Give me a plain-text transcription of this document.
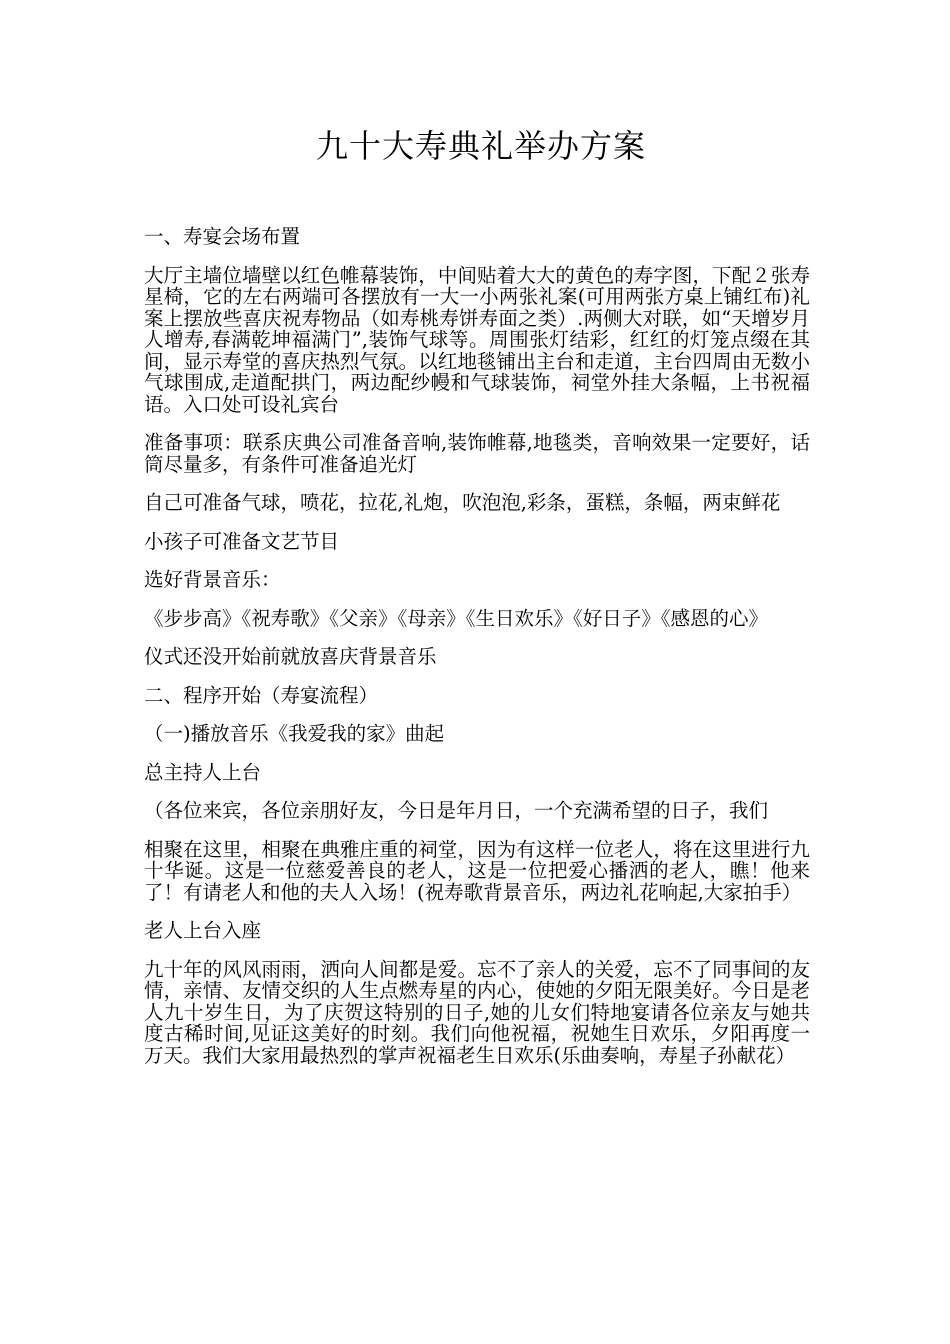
九十大寿典礼举办方案

一、寿宴会场布置

大厅主墙位墙壁以红色帷幕装饰，中间贴着大大的黄色的寿字图，下配２张寿星椅，它的左右两端可各摆放有一大一小两张礼案(可用两张方桌上铺红布)礼案上摆放些喜庆祝寿物品（如寿桃寿饼寿面之类）.两侧大对联，如“天增岁月人增寿,春满乾坤福满门”,装饰气球等。周围张灯结彩，红红的灯笼点缀在其间，显示寿堂的喜庆热烈气氛。以红地毯铺出主台和走道，主台四周由无数小气球围成,走道配拱门，两边配纱幔和气球装饰，祠堂外挂大条幅，上书祝福语。入口处可设礼宾台

准备事项：联系庆典公司准备音响,装饰帷幕,地毯类，音响效果一定要好，话筒尽量多，有条件可准备追光灯

自己可准备气球，喷花，拉花,礼炮，吹泡泡,彩条，蛋糕，条幅，两束鲜花

小孩子可准备文艺节目

选好背景音乐：

《步步高》《祝寿歌》《父亲》《母亲》《生日欢乐》《好日子》《感恩的心》

仪式还没开始前就放喜庆背景音乐

二、程序开始（寿宴流程）

（一)播放音乐《我爱我的家》曲起

总主持人上台

（各位来宾，各位亲朋好友，今日是年月日，一个充满希望的日子，我们

相聚在这里，相聚在典雅庄重的祠堂，因为有这样一位老人，将在这里进行九十华诞。这是一位慈爱善良的老人，这是一位把爱心播洒的老人，瞧！他来 了！有请老人和他的夫人入场！(祝寿歌背景音乐，两边礼花响起,大家拍手）

老人上台入座

九十年的风风雨雨，洒向人间都是爱。忘不了亲人的关爱，忘不了同事间的友情，亲情、友情交织的人生点燃寿星的内心，使她的夕阳无限美好。今日是老人九十岁生日，为了庆贺这特别的日子,她的儿女们特地宴请各位亲友与她共度古稀时间,见证这美好的时刻。我们向他祝福，祝她生日欢乐，夕阳再度一万天。我们大家用最热烈的掌声祝福老生日欢乐(乐曲奏响，寿星子孙献花）
